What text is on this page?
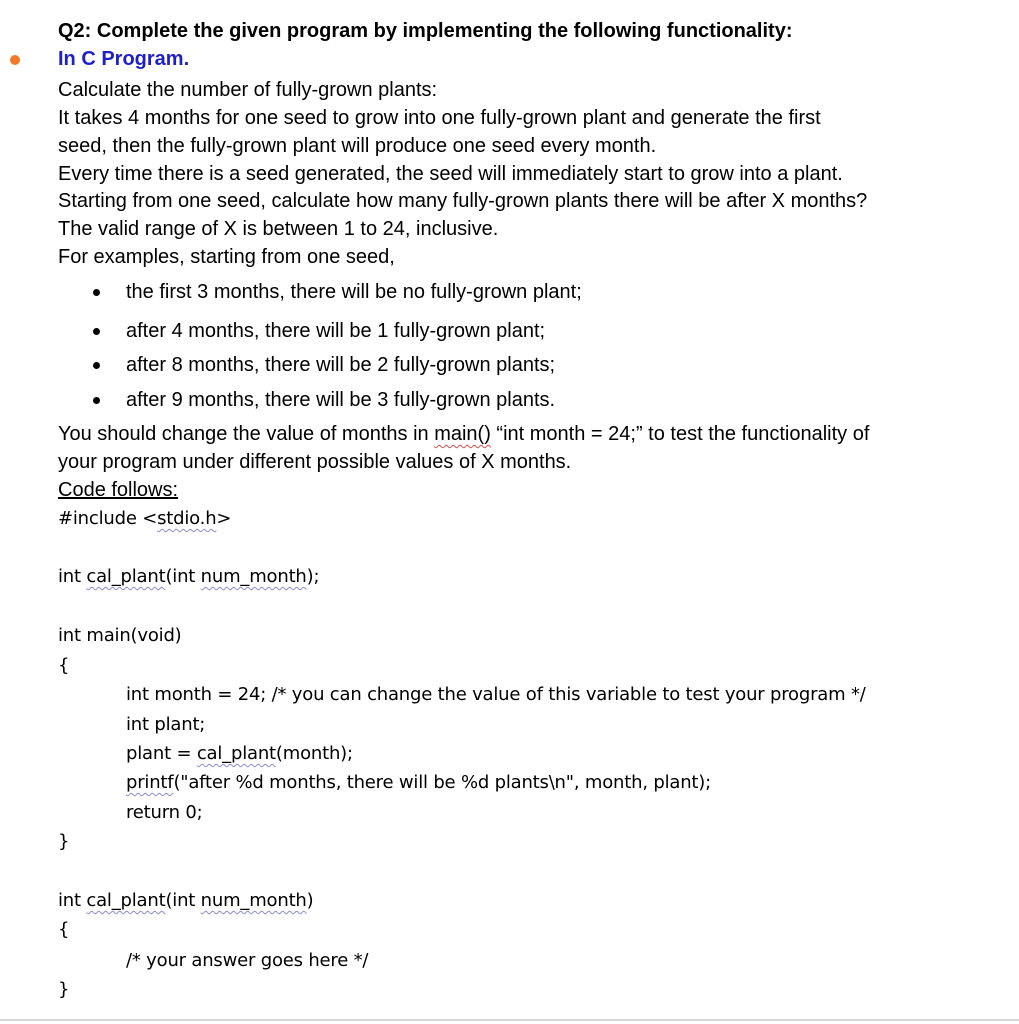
Q2: Complete the given program by implementing the following functionality:
In C Program.
Calculate the number of fully-grown plants:
It takes 4 months for one seed to grow into one fully-grown plant and generate the first
seed, then the fully-grown plant will produce one seed every month.
Every time there is a seed generated, the seed will immediately start to grow into a plant.
Starting from one seed, calculate how many fully-grown plants there will be after X months?
The valid range of X is between 1 to 24, inclusive.
For examples, starting from one seed,
the first 3 months, there will be no fully-grown plant;
after 4 months, there will be 1 fully-grown plant;
after 8 months, there will be 2 fully-grown plants;
after 9 months, there will be 3 fully-grown plants.
You should change the value of months in main() “int month = 24;” to test the functionality of
your program under different possible values of X months.
Code follows:
#include <stdio.h>
int cal_plant(int num_month);
int main(void)
{
int month = 24; /* you can change the value of this variable to test your program */
int plant;
plant = cal_plant(month);
printf("after %d months, there will be %d plants\n", month, plant);
return 0;
}
int cal_plant(int num_month)
{
/* your answer goes here */
}
